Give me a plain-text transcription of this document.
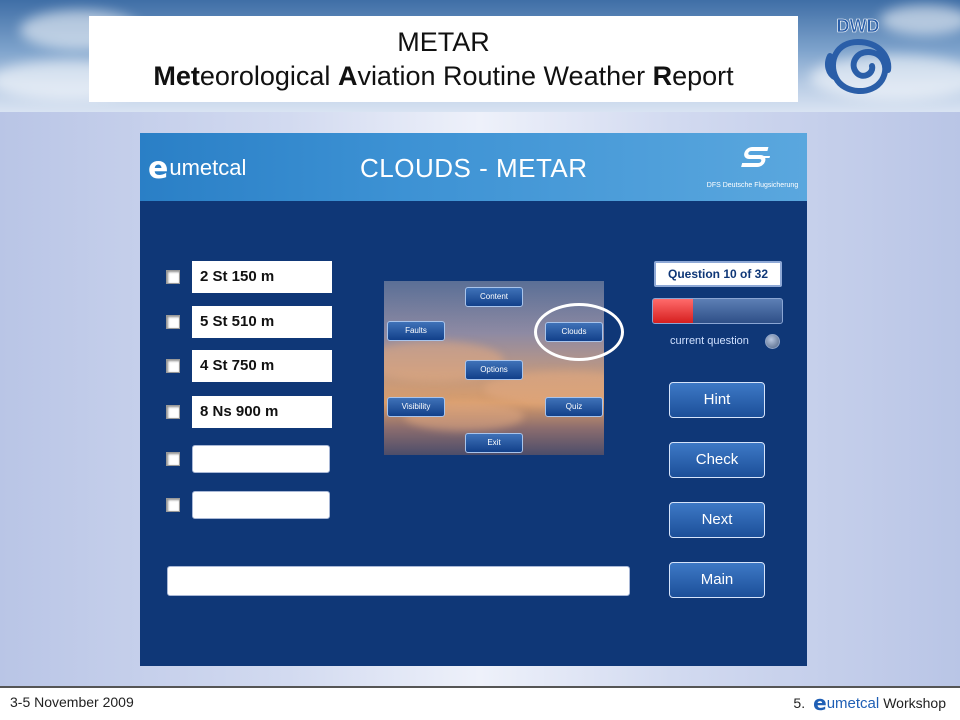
METAR
Meteorological Aviation Routine Weather Report
DWD
e umetcal	CLOUDS - METAR
DFS Deutsche Flugsicherung
2 St 150 m
5 St 510 m
4 St 750 m
8 Ns 900 m
Content
Faults	Clouds
Options
Visibility	Quiz
Exit
Question 10 of 32
current question
Hint
Check
Next
Main
3-5 November 2009	5. e umetcal Workshop
